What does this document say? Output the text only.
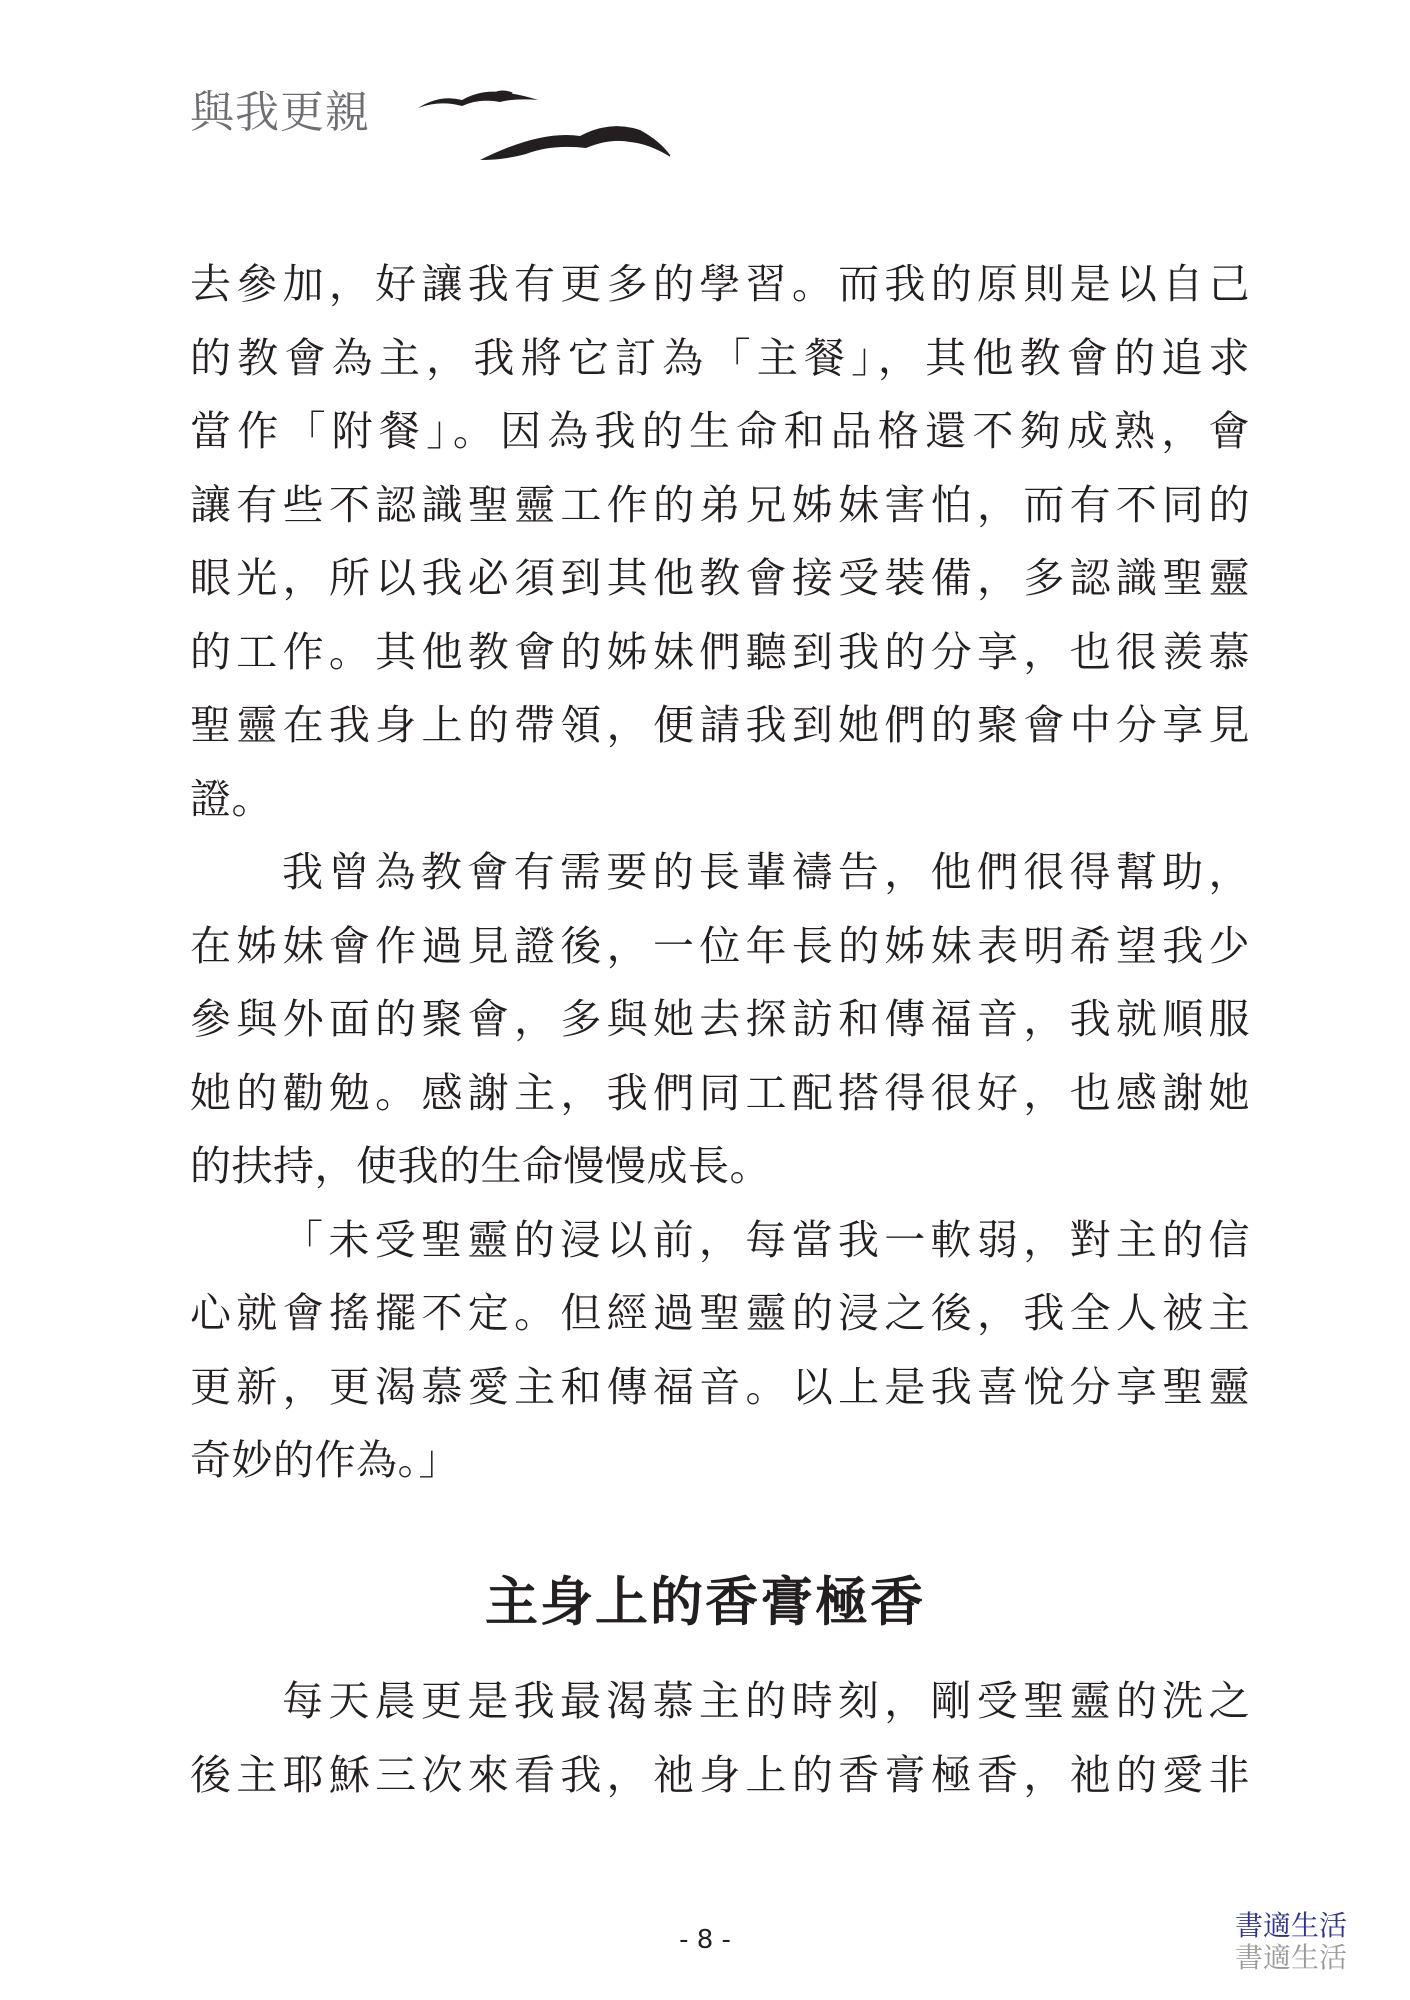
與我更親
去參加，好讓我有更多的學習。而我的原則是以自己
的教會為主，我將它訂為「主餐」，其他教會的追求
當作「附餐」。因為我的生命和品格還不夠成熟，會
讓有些不認識聖靈工作的弟兄姊妹害怕，而有不同的
眼光，所以我必須到其他教會接受裝備，多認識聖靈
的工作。其他教會的姊妹們聽到我的分享，也很羨慕
聖靈在我身上的帶領，便請我到她們的聚會中分享見
證。
我曾為教會有需要的長輩禱告，他們很得幫助，
在姊妹會作過見證後，一位年長的姊妹表明希望我少
參與外面的聚會，多與她去探訪和傳福音，我就順服
她的勸勉。感謝主，我們同工配搭得很好，也感謝她
的扶持，使我的生命慢慢成長。
「未受聖靈的浸以前，每當我一軟弱，對主的信
心就會搖擺不定。但經過聖靈的浸之後，我全人被主
更新，更渴慕愛主和傳福音。以上是我喜悅分享聖靈
奇妙的作為。」
主身上的香膏極香
每天晨更是我最渴慕主的時刻，剛受聖靈的洗之
後主耶穌三次來看我，祂身上的香膏極香，祂的愛非
- 8 -	書適生活
書適生活
